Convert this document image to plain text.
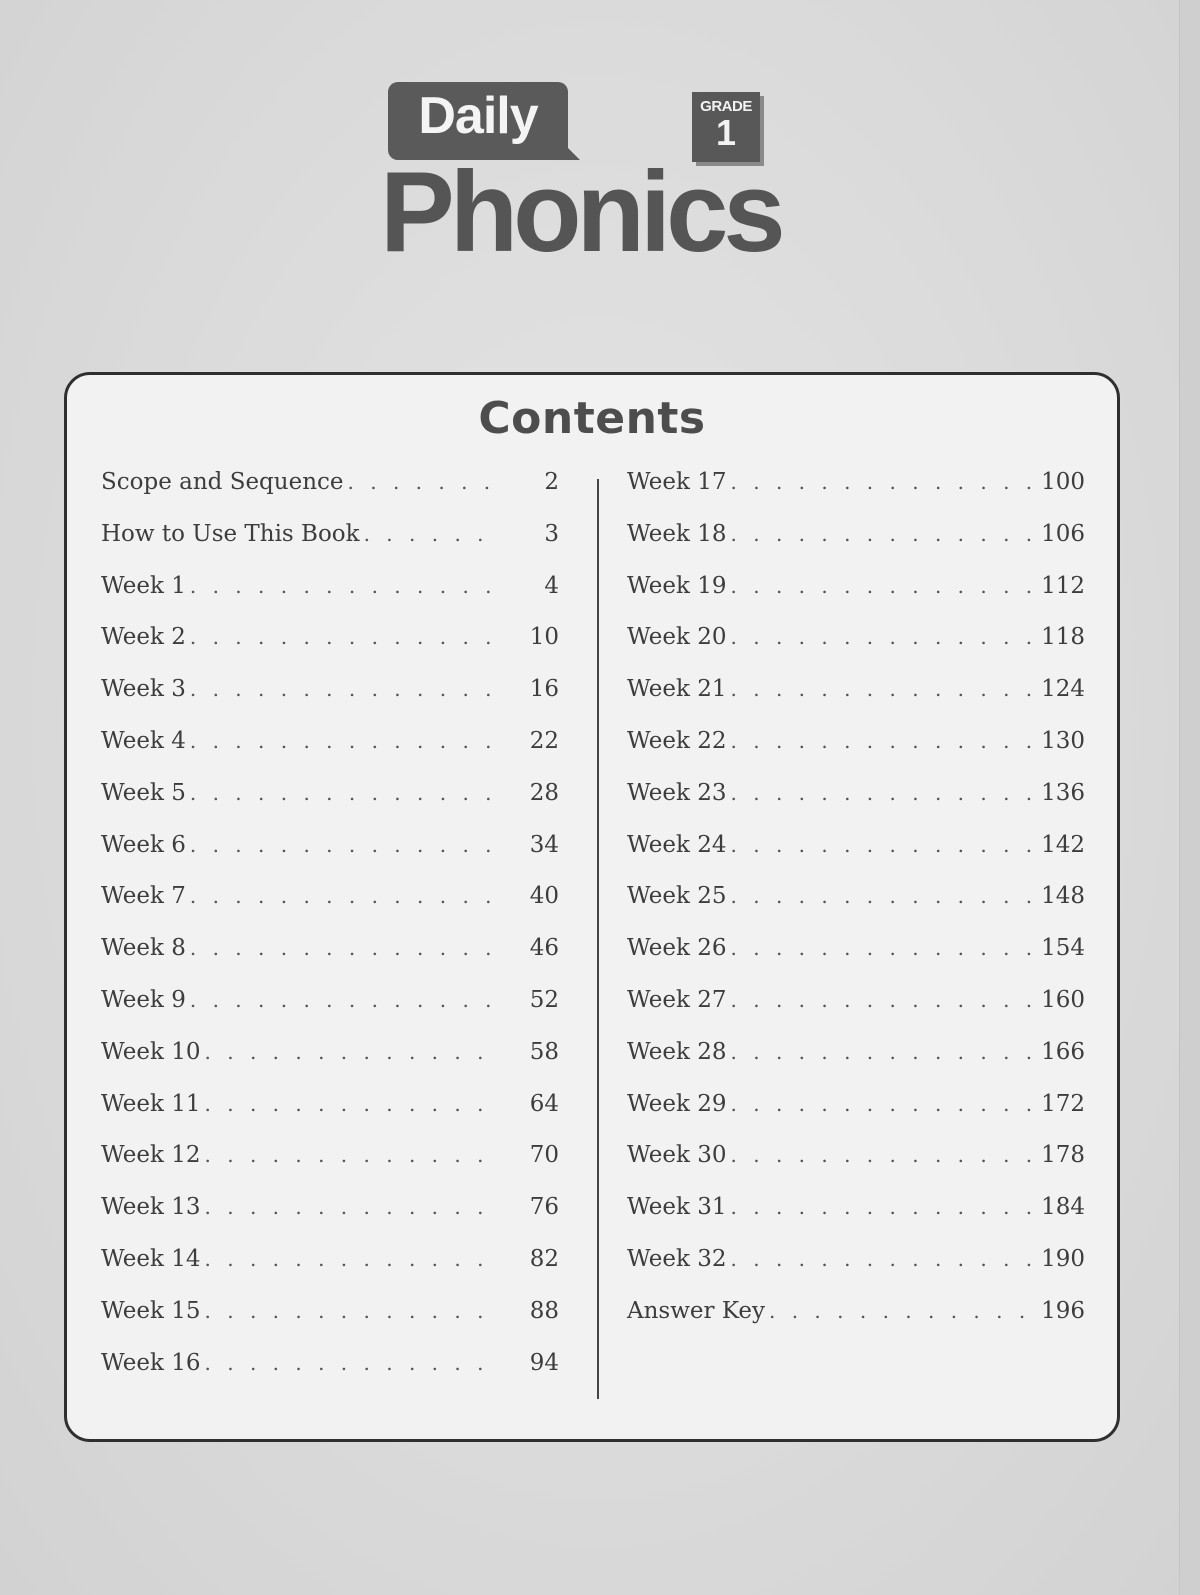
Daily	GRADE
1
Phonics
Contents
Scope and Sequence . . .	2
How to Use This Book . . .	3
Week 1 . . .	4
Week 2 . . .	10
Week 3 . . .	16
Week 4 . . .	22
Week 5 . . .	28
Week 6 . . .	34
Week 7 . . .	40
Week 8 . . .	46
Week 9 . . .	52
Week 10 . . .	58
Week 11 . . .	64
Week 12 . . .	70
Week 13 . . .	76
Week 14 . . .	82
Week 15 . . .	88
Week 16 . . .	94
Week 17 . . .	100
Week 18 . . .	106
Week 19 . . .	112
Week 20 . . .	118
Week 21 . . .	124
Week 22 . . .	130
Week 23 . . .	136
Week 24 . . .	142
Week 25 . . .	148
Week 26 . . .	154
Week 27 . . .	160
Week 28 . . .	166
Week 29 . . .	172
Week 30 . . .	178
Week 31 . . .	184
Week 32 . . .	190
Answer Key . . .	196
